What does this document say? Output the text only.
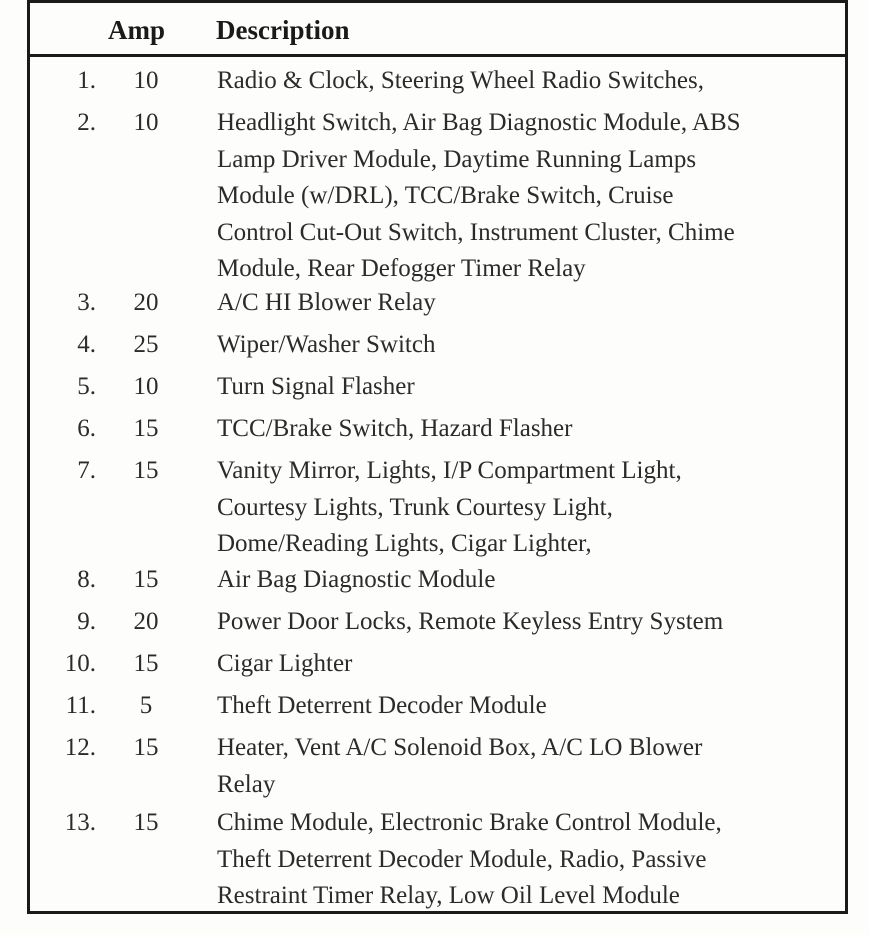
Amp Description
1.	10	Radio & Clock, Steering Wheel Radio Switches,
2.	10	Headlight Switch, Air Bag Diagnostic Module, ABS
Lamp Driver Module, Daytime Running Lamps
Module (w/DRL), TCC/Brake Switch, Cruise
Control Cut-Out Switch, Instrument Cluster, Chime
Module, Rear Defogger Timer Relay
3.	20	A/C HI Blower Relay
4.	25	Wiper/Washer Switch
5.	10	Turn Signal Flasher
6.	15	TCC/Brake Switch, Hazard Flasher
7.	15	Vanity Mirror, Lights, I/P Compartment Light,
Courtesy Lights, Trunk Courtesy Light,
Dome/Reading Lights, Cigar Lighter,
8.	15	Air Bag Diagnostic Module
9.	20	Power Door Locks, Remote Keyless Entry System
10.	15	Cigar Lighter
11.	5	Theft Deterrent Decoder Module
12.	15	Heater, Vent A/C Solenoid Box, A/C LO Blower
Relay
13.	15	Chime Module, Electronic Brake Control Module,
Theft Deterrent Decoder Module, Radio, Passive
Restraint Timer Relay, Low Oil Level Module
